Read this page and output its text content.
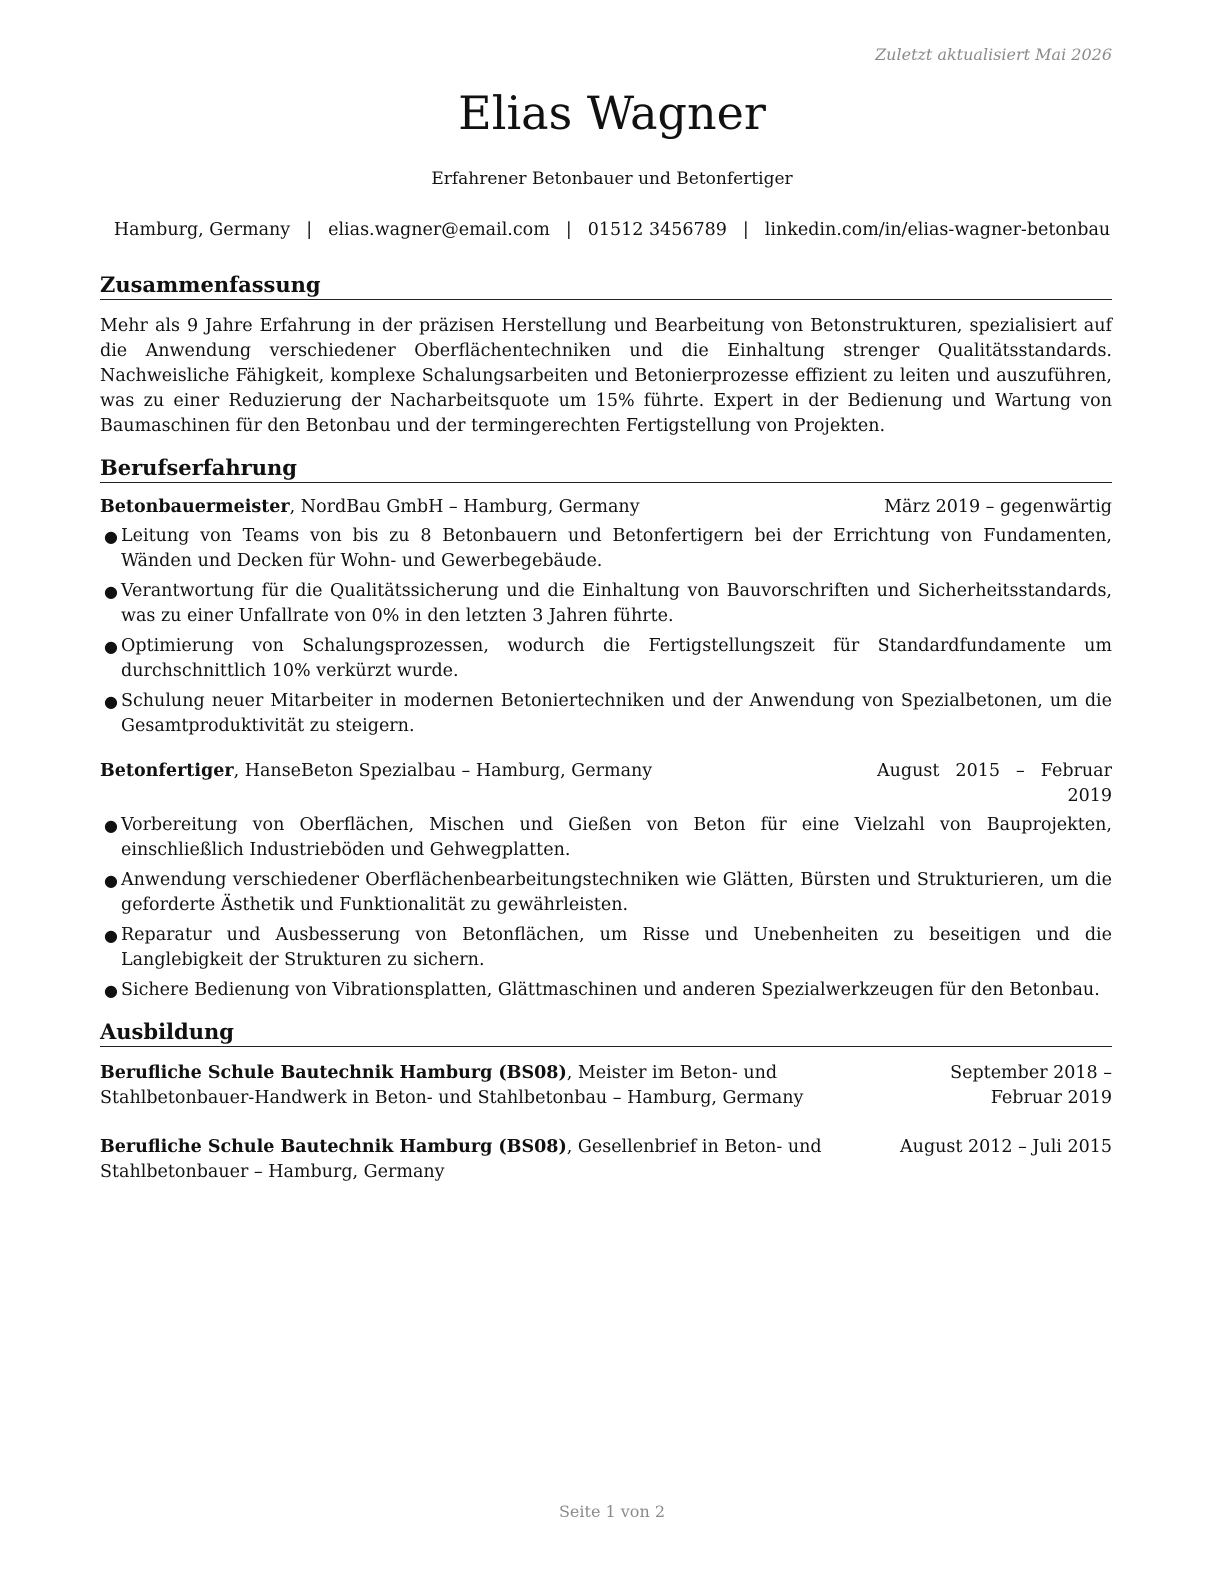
Zuletzt aktualisiert Mai 2026
Elias Wagner
Erfahrener Betonbauer und Betonfertiger
Hamburg, Germany | elias.wagner@email.com | 01512 3456789 | linkedin.com/in/elias-wagner-betonbau
Zusammenfassung

Mehr als 9 Jahre Erfahrung in der präzisen Herstellung und Bearbeitung von Betonstrukturen, spezialisiert auf die Anwendung verschiedener Oberflächentechniken und die Einhaltung strenger Qualitätsstandards. Nachweisliche Fähigkeit, komplexe Schalungsarbeiten und Betonierprozesse effizient zu leiten und auszuführen, was zu einer Reduzierung der Nacharbeitsquote um 15% führte. Expert in der Bedienung und Wartung von Baumaschinen für den Betonbau und der termingerechten Fertigstellung von Projekten.

Berufserfahrung
Betonbauermeister, NordBau GmbH – Hamburg, Germany	März 2019 – gegenwärtig
● Leitung von Teams von bis zu 8 Betonbauern und Betonfertigern bei der Errichtung von Fundamenten, Wänden und Decken für Wohn- und Gewerbegebäude.
● Verantwortung für die Qualitätssicherung und die Einhaltung von Bauvorschriften und Sicherheitsstandards, was zu einer Unfallrate von 0% in den letzten 3 Jahren führte.
● Optimierung von Schalungsprozessen, wodurch die Fertigstellungszeit für Standardfundamente um durchschnittlich 10% verkürzt wurde.
● Schulung neuer Mitarbeiter in modernen Betoniertechniken und der Anwendung von Spezialbetonen, um die Gesamtproduktivität zu steigern.
Betonfertiger, HanseBeton Spezialbau – Hamburg, Germany	August 2015 – Februar 2019
● Vorbereitung von Oberflächen, Mischen und Gießen von Beton für eine Vielzahl von Bauprojekten, einschließlich Industrieböden und Gehwegplatten.
● Anwendung verschiedener Oberflächenbearbeitungstechniken wie Glätten, Bürsten und Strukturieren, um die geforderte Ästhetik und Funktionalität zu gewährleisten.
● Reparatur und Ausbesserung von Betonflächen, um Risse und Unebenheiten zu beseitigen und die Langlebigkeit der Strukturen zu sichern.
● Sichere Bedienung von Vibrationsplatten, Glättmaschinen und anderen Spezialwerkzeugen für den Betonbau.
Ausbildung
Berufliche Schule Bautechnik Hamburg (BS08), Meister im Beton- und Stahlbetonbauer-Handwerk in Beton- und Stahlbetonbau – Hamburg, Germany
September 2018 – Februar 2019
Berufliche Schule Bautechnik Hamburg (BS08), Gesellenbrief in Beton- und Stahlbetonbauer – Hamburg, Germany
August 2012 – Juli 2015
Seite 1 von 2
